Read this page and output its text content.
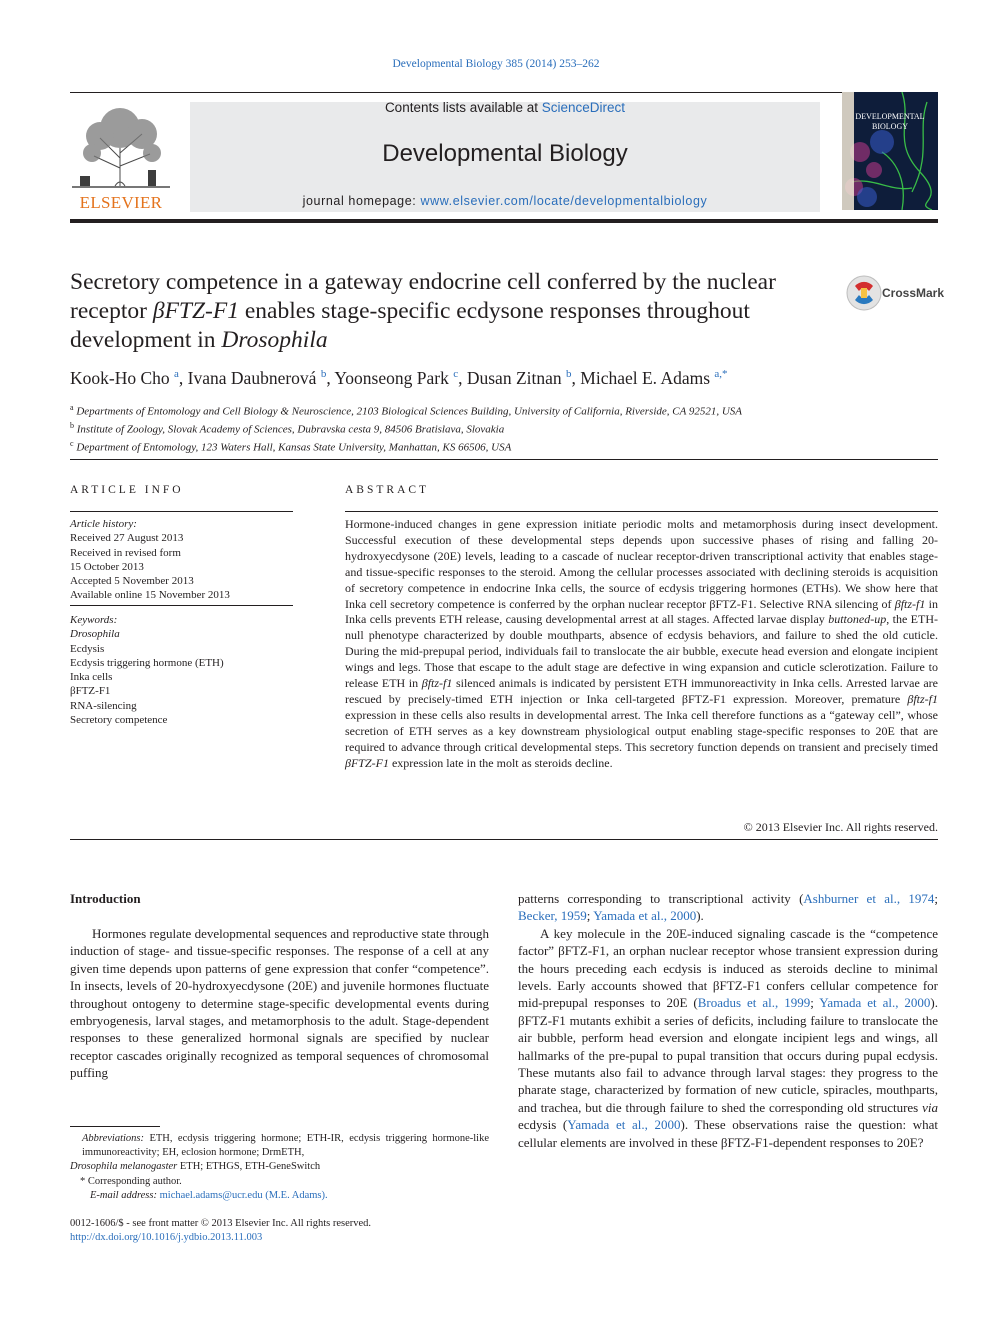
Developmental Biology 385 (2014) 253–262
ELSEVIER
Contents lists available at ScienceDirect
Developmental Biology
journal homepage: www.elsevier.com/locate/developmentalbiology
DEVELOPMENTAL
BIOLOGY
Secretory competence in a gateway endocrine cell conferred by the nuclear receptor βFTZ-F1 enables stage-specific ecdysone responses throughout development in Drosophila
CrossMark
Kook-Ho Cho $^a$, Ivana Daubnerová $^b$, Yoonseong Park $^c$, Dusan Zitnan $^b$, Michael E. Adams $^{a,*}$
$^a$ Departments of Entomology and Cell Biology & Neuroscience, 2103 Biological Sciences Building, University of California, Riverside, CA 92521, USA
$^b$ Institute of Zoology, Slovak Academy of Sciences, Dubravska cesta 9, 84506 Bratislava, Slovakia
$^c$ Department of Entomology, 123 Waters Hall, Kansas State University, Manhattan, KS 66506, USA
ARTICLE INFO	ABSTRACT
Article history:
Received 27 August 2013
Received in revised form
15 October 2013
Accepted 5 November 2013
Available online 15 November 2013
Keywords:
Drosophila
Ecdysis
Ecdysis triggering hormone (ETH)
Inka cells
βFTZ-F1
RNA-silencing
Secretory competence
Hormone-induced changes in gene expression initiate periodic molts and metamorphosis during insect development. Successful execution of these developmental steps depends upon successive phases of rising and falling 20-hydroxyecdysone (20E) levels, leading to a cascade of nuclear receptor-driven transcriptional activity that enables stage- and tissue-specific responses to the steroid. Among the cellular processes associated with declining steroids is acquisition of secretory competence in endocrine Inka cells, the source of ecdysis triggering hormones (ETHs). We show here that Inka cell secretory competence is conferred by the orphan nuclear receptor βFTZ-F1. Selective RNA silencing of βftz-f1 in Inka cells prevents ETH release, causing developmental arrest at all stages. Affected larvae display buttoned-up, the ETH-null phenotype characterized by double mouthparts, absence of ecdysis behaviors, and failure to shed the old cuticle. During the mid-prepupal period, individuals fail to translocate the air bubble, execute head eversion and elongate incipient wings and legs. Those that escape to the adult stage are defective in wing expansion and cuticle sclerotization. Failure to release ETH in βftz-f1 silenced animals is indicated by persistent ETH immunoreactivity in Inka cells. Arrested larvae are rescued by precisely-timed ETH injection or Inka cell-targeted βFTZ-F1 expression. Moreover, premature βftz-f1 expression in these cells also results in developmental arrest. The Inka cell therefore functions as a “gateway cell”, whose secretion of ETH serves as a key downstream physiological output enabling stage-specific responses to 20E that are required to advance through critical developmental steps. This secretory function depends on transient and precisely timed βFTZ-F1 expression late in the molt as steroids decline.
© 2013 Elsevier Inc. All rights reserved.
Introduction
Hormones regulate developmental sequences and reproductive state through induction of stage- and tissue-specific responses. The response of a cell at any given time depends upon patterns of gene expression that confer “competence”. In insects, levels of 20-hydroxyecdysone (20E) and juvenile hormones fluctuate throughout ontogeny to determine stage-specific developmental events during embryogenesis, larval stages, and metamorphosis to the adult. Stage-dependent responses to these generalized hormonal signals are specified by nuclear receptor cascades originally recognized as temporal sequences of chromosomal puffing

patterns corresponding to transcriptional activity (Ashburner et al., 1974; Becker, 1959; Yamada et al., 2000).

A key molecule in the 20E-induced signaling cascade is the “competence factor” βFTZ-F1, an orphan nuclear receptor whose transient expression during the hours preceding each ecdysis is induced as steroids decline to minimal levels. Early accounts showed that βFTZ-F1 confers cellular competence for mid-prepupal responses to 20E (Broadus et al., 1999; Yamada et al., 2000). βFTZ-F1 mutants exhibit a series of deficits, including failure to translocate the air bubble, perform head eversion and elongate incipient legs and wings, all hallmarks of the pre-pupal to pupal transition that occurs during pupal ecdysis. These mutants also fail to advance through larval stages: they progress to the pharate stage, characterized by formation of new cuticle, spiracles, mouthparts, and trachea, but die through failure to shed the corresponding old structures via ecdysis (Yamada et al., 2000). These observations raise the question: what cellular elements are involved in these βFTZ-F1-dependent responses to 20E?

Abbreviations: ETH, ecdysis triggering hormone; ETH-IR, ecdysis triggering hormone-like immunoreactivity; EH, eclosion hormone; DrmETH,
Drosophila melanogaster ETH; ETHGS, ETH-GeneSwitch
* Corresponding author.
E-mail address: michael.adams@ucr.edu (M.E. Adams).
0012-1606/$ - see front matter © 2013 Elsevier Inc. All rights reserved.
http://dx.doi.org/10.1016/j.ydbio.2013.11.003
